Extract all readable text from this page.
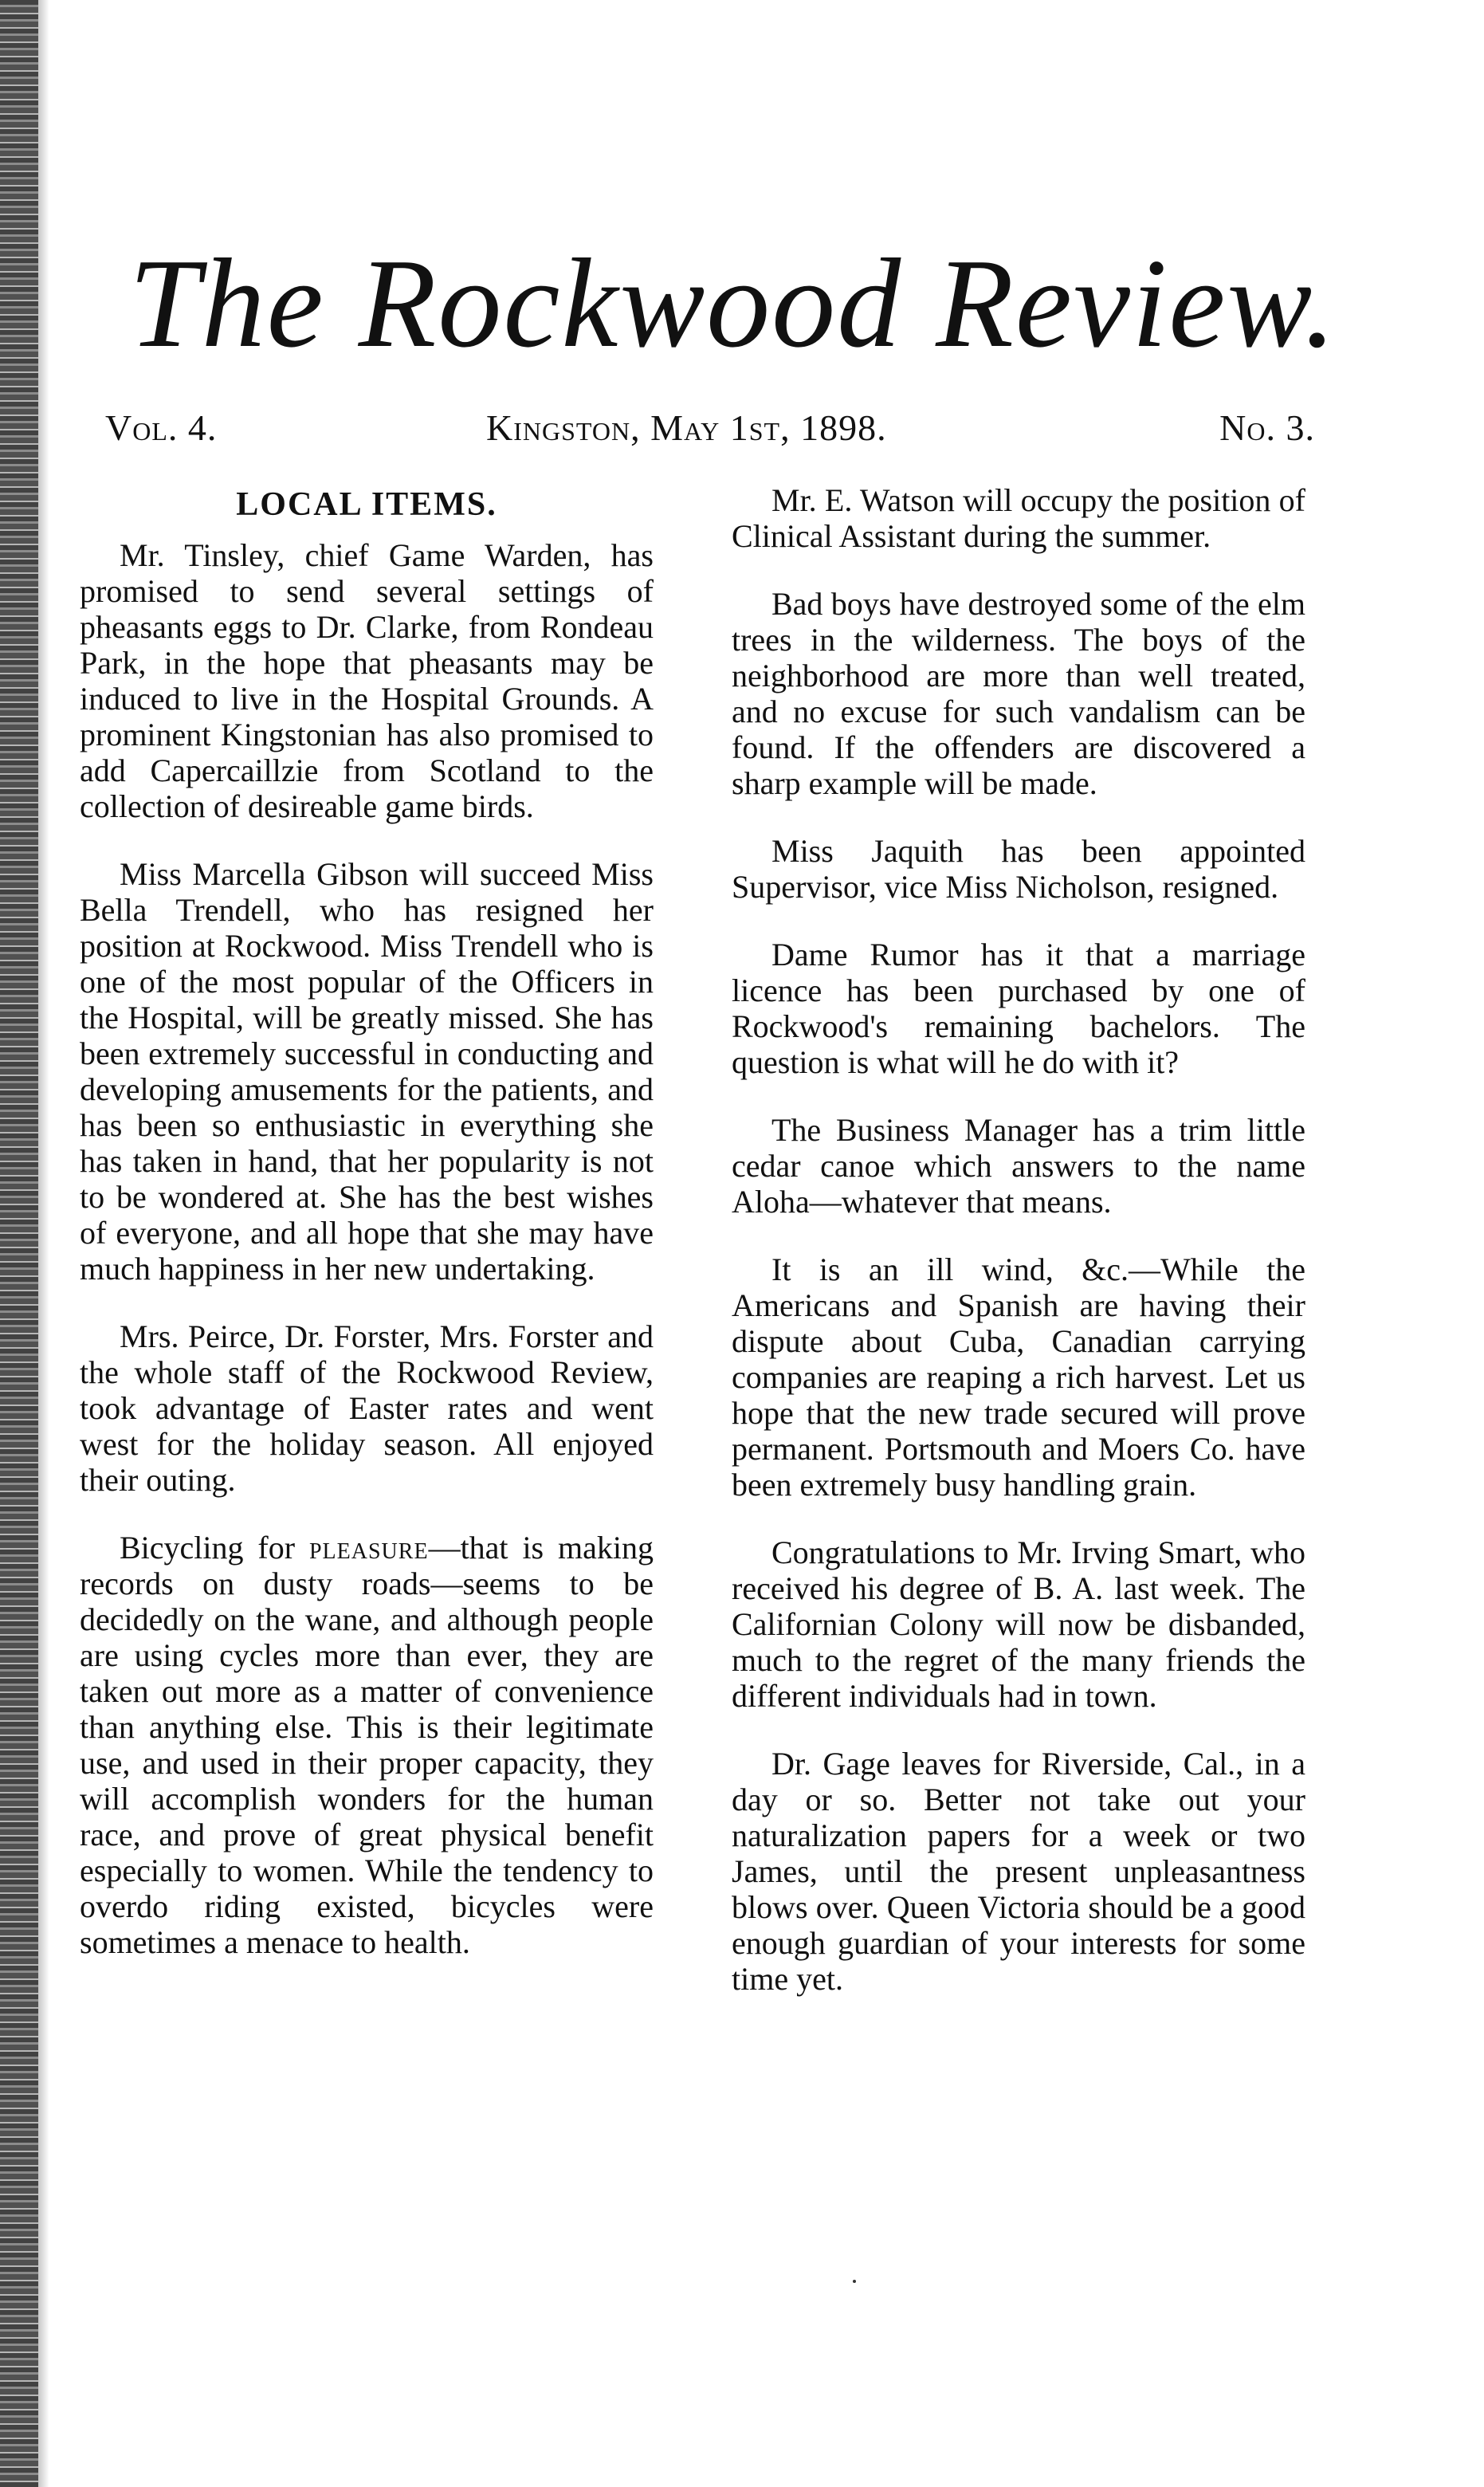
The Rockwood Review.
Vol. 4.	Kingston, May 1st, 1898.	No. 3.
LOCAL ITEMS.

Mr. Tinsley, chief Game Warden, has promised to send several settings of pheasants eggs to Dr. Clarke, from Rondeau Park, in the hope that pheasants may be induced to live in the Hospital Grounds. A prominent Kingstonian has also promised to add Capercaillzie from Scotland to the collection of desireable game birds.

Miss Marcella Gibson will succeed Miss Bella Trendell, who has resigned her position at Rockwood. Miss Trendell who is one of the most popular of the Officers in the Hospital, will be greatly missed. She has been extremely successful in conducting and developing amusements for the patients, and has been so enthusiastic in everything she has taken in hand, that her popularity is not to be wondered at. She has the best wishes of everyone, and all hope that she may have much happiness in her new undertaking.

Mrs. Peirce, Dr. Forster, Mrs. Forster and the whole staff of the Rockwood Review, took advantage of Easter rates and went west for the holiday season. All enjoyed their outing.

Bicycling for pleasure—that is making records on dusty roads—seems to be decidedly on the wane, and although people are using cycles more than ever, they are taken out more as a matter of convenience than anything else. This is their legitimate use, and used in their proper capacity, they will accomplish wonders for the human race, and prove of great physical benefit especially to women. While the tendency to overdo riding existed, bicycles were sometimes a menace to health.

Mr. E. Watson will occupy the position of Clinical Assistant during the summer.

Bad boys have destroyed some of the elm trees in the wilderness. The boys of the neighborhood are more than well treated, and no excuse for such vandalism can be found. If the offenders are discovered a sharp example will be made.

Miss Jaquith has been appointed Supervisor, vice Miss Nicholson, resigned.

Dame Rumor has it that a marriage licence has been purchased by one of Rockwood's remaining bachelors. The question is what will he do with it?

The Business Manager has a trim little cedar canoe which answers to the name Aloha—whatever that means.

It is an ill wind, &c.—While the Americans and Spanish are having their dispute about Cuba, Canadian carrying companies are reaping a rich harvest. Let us hope that the new trade secured will prove permanent. Portsmouth and Moers Co. have been extremely busy handling grain.

Congratulations to Mr. Irving Smart, who received his degree of B. A. last week. The Californian Colony will now be disbanded, much to the regret of the many friends the different individuals had in town.

Dr. Gage leaves for Riverside, Cal., in a day or so. Better not take out your naturalization papers for a week or two James, until the present unpleasantness blows over. Queen Victoria should be a good enough guardian of your interests for some time yet.
